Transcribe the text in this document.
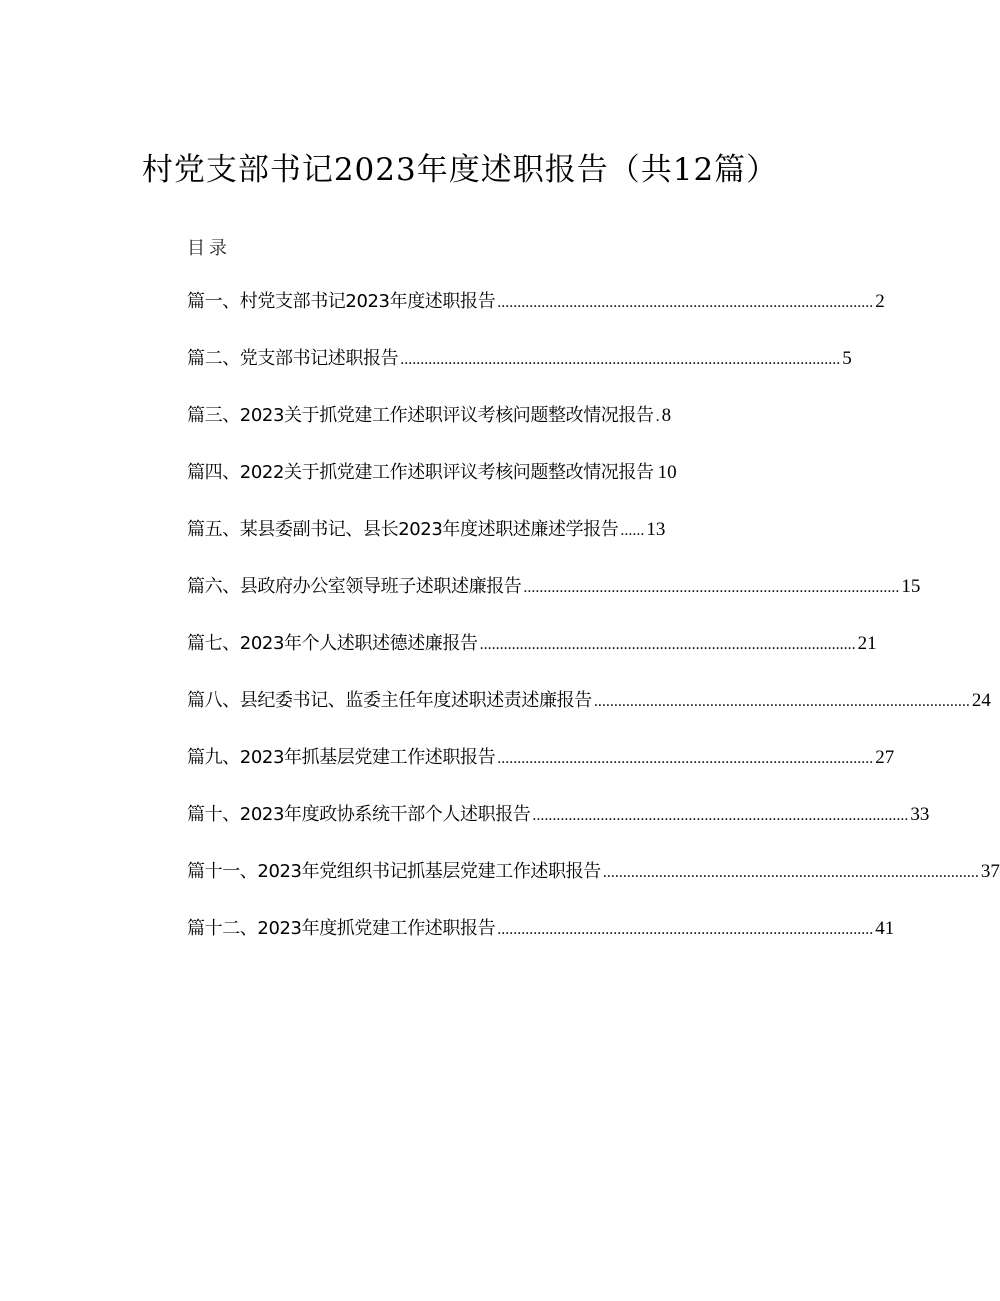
村党支部书记2023年度述职报告（共12篇）
目录
篇一、村党支部书记2023年度述职报告 .............................................................................................. 2
篇二、党支部书记述职报告 .............................................................................................................. 5
篇三、2023关于抓党建工作述职评议考核问题整改情况报告 . 8
篇四、2022关于抓党建工作述职评议考核问题整改情况报告 10
篇五、某县委副书记、县长2023年度述职述廉述学报告 ...... 13
篇六、县政府办公室领导班子述职述廉报告 .............................................................................................. 15
篇七、2023年个人述职述德述廉报告 .............................................................................................. 21
篇八、县纪委书记、监委主任年度述职述责述廉报告 .............................................................................................. 24
篇九、2023年抓基层党建工作述职报告 .............................................................................................. 27
篇十、2023年度政协系统干部个人述职报告 .............................................................................................. 33
篇十一、2023年党组织书记抓基层党建工作述职报告 .............................................................................................. 37
篇十二、2023年度抓党建工作述职报告 .............................................................................................. 41
